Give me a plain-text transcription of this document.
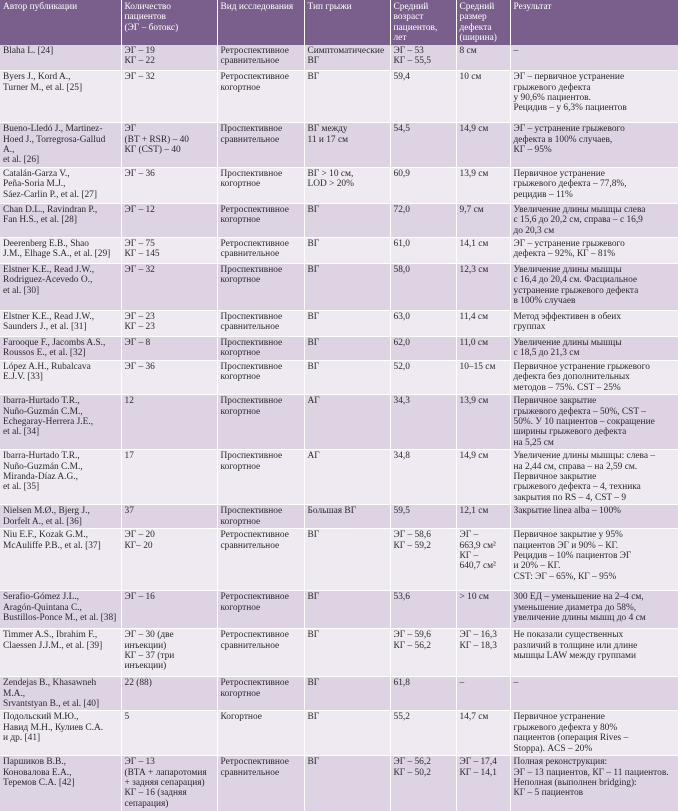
Автор публикации	Количество пациентов
(ЭГ – ботокс)	Вид исследования	Тип грыжи	Средний возраст пациентов, лет	Средний размер дефекта (ширина)	Результат
Blaha L. [24]	ЭГ – 19
КГ – 22	Ретроспективное
сравнительное	Симптоматические
ВГ	ЭГ – 53
КГ – 55,5	8 см	–
Byers J., Kord A.,
Turner M., et al. [25]	ЭГ – 32	Ретроспективное
когортное	ВГ	59,4	10 см	ЭГ – первичное устранение
грыжевого дефекта
у 90,6% пациентов.
Рецидив – у 6,3% пациентов
Bueno-Lledó J., Martinez-
Hoed J., Torregrosa-Gallud A.,
et al. [26]	ЭГ
(BT + RSR) – 40
КГ (CST) – 40	Проспективное
сравнительное	ВГ между
11 и 17 см	54,5	14,9 см	ЭГ – устранение грыжевого
дефекта в 100% случаев,
КГ – 95%
Catalán-Garza V.,
Peña-Soria M.J.,
Sáez-Carlin P., et al. [27]	ЭГ – 36	Проспективное
когортное	ВГ > 10 см,
LOD > 20%	60,9	13,9 см	Первичное устранение
грыжевого дефекта – 77,8%,
рецидив – 11%
Chan D.L., Ravindran P.,
Fan H.S., et al. [28]	ЭГ – 12	Ретроспективное
когортное	ВГ	72,0	9,7 см	Увеличение длины мышцы слева
с 15,6 до 20,2 см, справа – с 16,9
до 20,3 см
Deerenberg E.B., Shao
J.M., Elhage S.A., et al. [29]	ЭГ – 75
КГ – 145	Ретроспективное
сравнительное	ВГ	61,0	14,1 см	ЭГ – устранение грыжевого
дефекта – 92%, КГ – 81%
Elstner K.E., Read J.W.,
Rodriguez-Acevedo O.,
et al. [30]	ЭГ – 32	Проспективное
когортное	ВГ	58,0	12,3 см	Увеличение длины мышцы
с 16,4 до 20,4 см. Фасциальное
устранение грыжевого дефекта
в 100% случаев
Elstner K.E., Read J.W.,
Saunders J., et al. [31]	ЭГ – 23
КГ – 23	Проспективное
сравнительное	ВГ	63,0	11,4 см	Метод эффективен в обеих
группах
Farooque F., Jacombs A.S.,
Roussos E., et al. [32]	ЭГ – 8	Проспективное
когортное	ВГ	62,0	11,0 см	Увеличение длины мышцы
с 18,5 до 21,3 см
López A.H., Rubalcava
E.J.V. [33]	ЭГ – 36	Проспективное
когортное	ВГ	52,0	10–15 см	Первичное устранение грыжевого
дефекта без дополнительных
методов – 75%. CST – 25%
Ibarra-Hurtado T.R.,
Nuño-Guzmán C.M.,
Echegaray-Herrera J.E.,
et al. [34]	12	Проспективное
когортное	АГ	34,3	13,9 см	Первичное закрытие
грыжевого дефекта – 50%, CST –
50%. У 10 пациентов – сокращение
ширины грыжевого дефекта
на 5,25 см
Ibarra-Hurtado T.R.,
Nuño-Guzmán C.M.,
Miranda-Díaz A.G.,
et al. [35]	17	Проспективное
когортное	АГ	34,8	14,9 см	Увеличение длины мышцы: слева –
на 2,44 см, справа – на 2,59 см.
Первичное закрытие
грыжевого дефекта – 4, техника
закрытия по RS – 4, CST – 9
Nielsen M.Ø., Bjerg J.,
Dorfelt A., et al. [36]	37	Проспективное
когортное	Большая ВГ	59,5	12,1 см	Закрытие linea alba – 100%
Niu E.F., Kozak G.M.,
McAuliffe P.B., et al. [37]	ЭГ – 20
КГ– 20	Ретроспективное
сравнительное	ВГ	ЭГ – 58,6
КГ – 59,2	ЭГ –
663,9 см²
КГ –
640,7 см²	Первичное закрытие у 95%
пациентов ЭГ и 90% – КГ.
Рецидив – 10% пациентов ЭГ
и 20% – КГ.
CST: ЭГ – 65%, КГ – 95%
Serafio-Gómez J.L.,
Aragón-Quintana C.,
Bustillos-Ponce M., et al. [38]	ЭГ – 16	Ретроспективное
когортное	ВГ	53,6	> 10 см	300 ЕД – уменьшение на 2–4 см,
уменьшение диаметра до 58%,
увеличение длины мышц до 4 см
Timmer A.S., Ibrahim F.,
Claessen J.J.M., et al. [39]	ЭГ – 30 (две
инъекции)
КГ – 37 (три
инъекции)	Ретроспективное
сравнительное	ВГ	ЭГ – 59,6
КГ – 56,2	ЭГ – 16,3
КГ – 18,3	Не показали существенных
различий в толщине или длине
мышцы LAW между группами
Zendejas B., Khasawneh M.A.,
Srvantstyan B., et al. [40]	22 (88)	Ретроспективное
когортное	ВГ	61,8	–	–
Подольский М.Ю.,
Навид М.Н., Кулиев С.А.
и др. [41]	5	Когортное	ВГ	55,2	14,7 см	Первичное устранение
грыжевого дефекта у 80%
пациентов (операция Rives –
Stoppa). ACS – 20%
Паршиков В.В.,
Коновалова Е.А.,
Теремов С.А. [42]	ЭГ – 13
(ВТА + лапаротомия
+ задняя сепарация)
КГ – 16 (задняя
сепарация)	Ретроспективное
сравнительное	ВГ	ЭГ – 56,2
КГ – 50,2	ЭГ – 17,4
КГ – 14,1	Полная реконструкция:
ЭГ – 13 пациентов, КГ – 11 пациентов.
Неполная (выполнен bridging):
КГ – 5 пациентов
